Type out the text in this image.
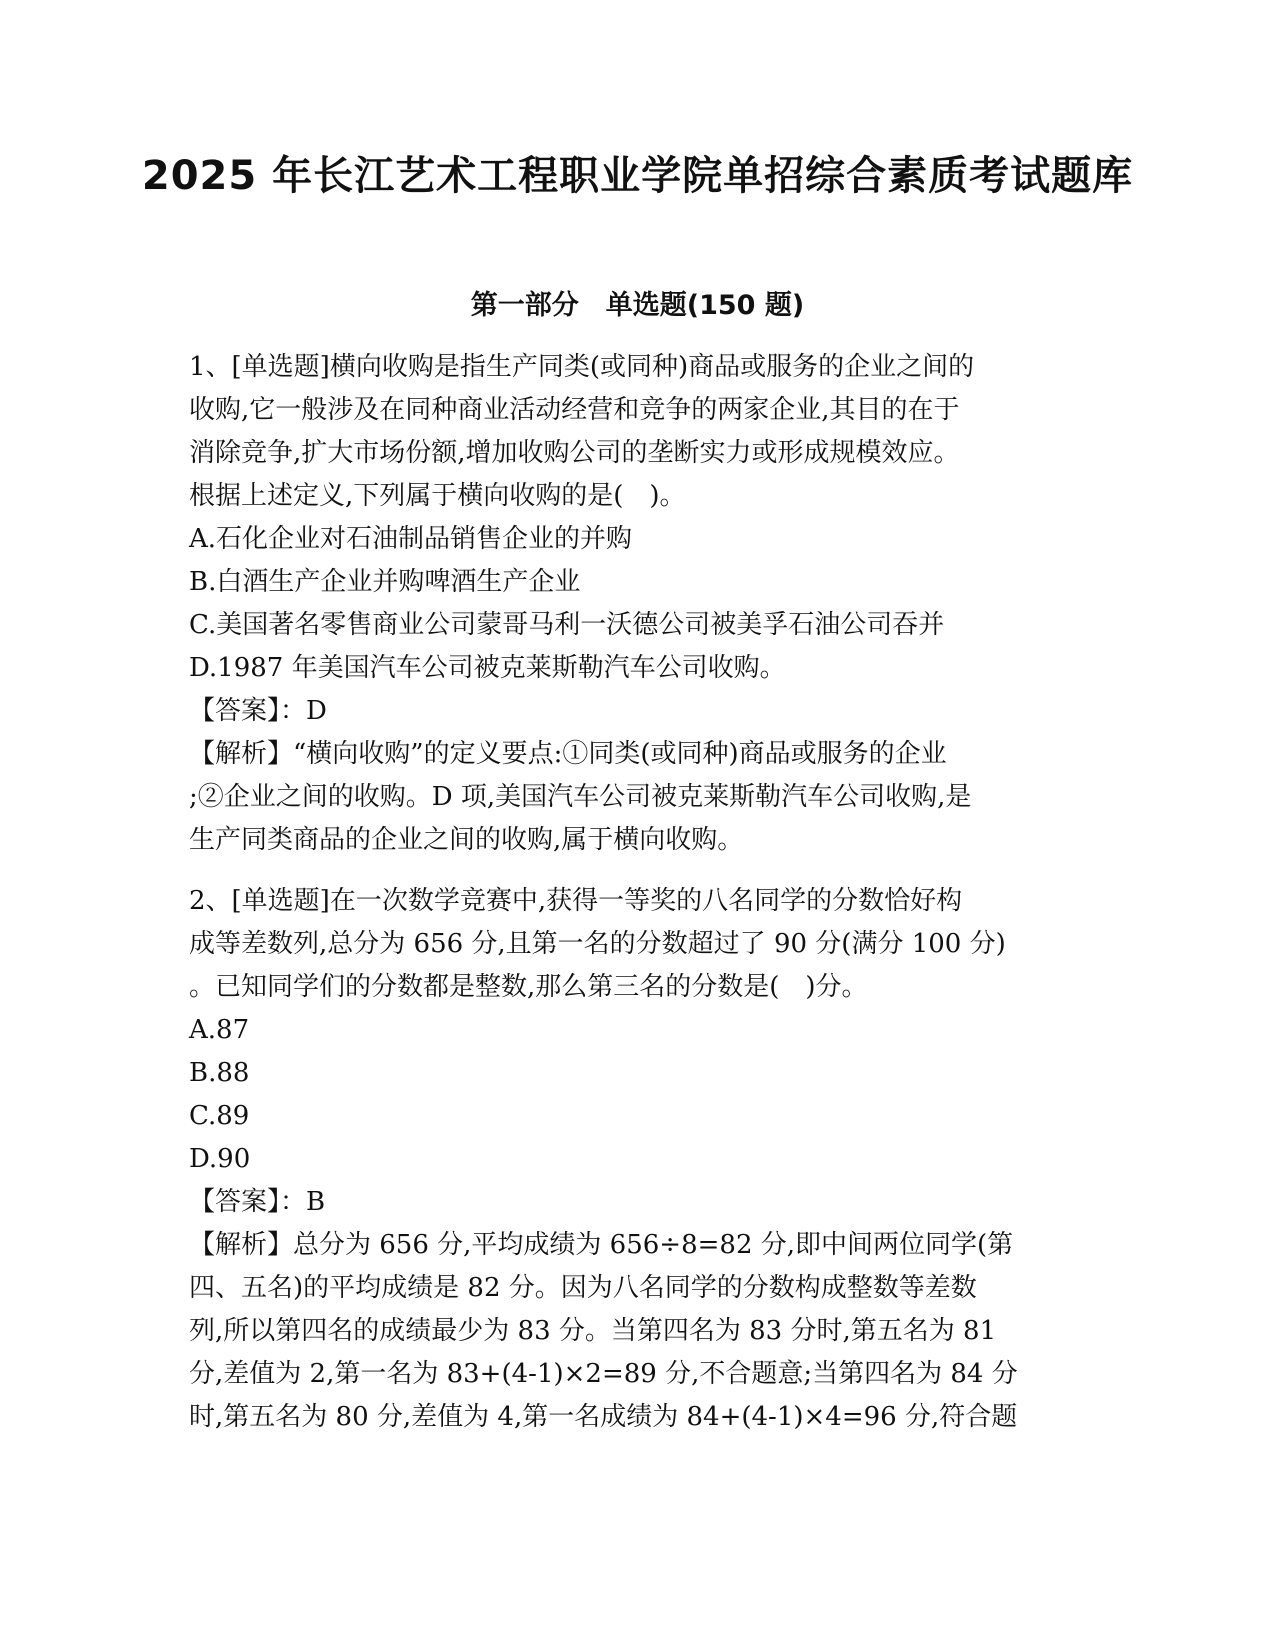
2025 年长江艺术工程职业学院单招综合素质考试题库
第一部分　单选题(150 题)
1、[单选题]横向收购是指生产同类(或同种)商品或服务的企业之间的
收购,它一般涉及在同种商业活动经营和竞争的两家企业,其目的在于
消除竞争,扩大市场份额,增加收购公司的垄断实力或形成规模效应。
根据上述定义,下列属于横向收购的是(　)。
A.石化企业对石油制品销售企业的并购
B.白酒生产企业并购啤酒生产企业
C.美国著名零售商业公司蒙哥马利一沃德公司被美孚石油公司吞并
D.1987 年美国汽车公司被克莱斯勒汽车公司收购。
【答案】：D
【解析】“横向收购”的定义要点:①同类(或同种)商品或服务的企业
;②企业之间的收购。D 项,美国汽车公司被克莱斯勒汽车公司收购,是
生产同类商品的企业之间的收购,属于横向收购。
2、[单选题]在一次数学竞赛中,获得一等奖的八名同学的分数恰好构
成等差数列,总分为 656 分,且第一名的分数超过了 90 分(满分 100 分)
。已知同学们的分数都是整数,那么第三名的分数是(　)分。
A.87
B.88
C.89
D.90
【答案】：B
【解析】总分为 656 分,平均成绩为 656÷8=82 分,即中间两位同学(第
四、五名)的平均成绩是 82 分。因为八名同学的分数构成整数等差数
列,所以第四名的成绩最少为 83 分。当第四名为 83 分时,第五名为 81
分,差值为 2,第一名为 83+(4-1)×2=89 分,不合题意;当第四名为 84 分
时,第五名为 80 分,差值为 4,第一名成绩为 84+(4-1)×4=96 分,符合题
